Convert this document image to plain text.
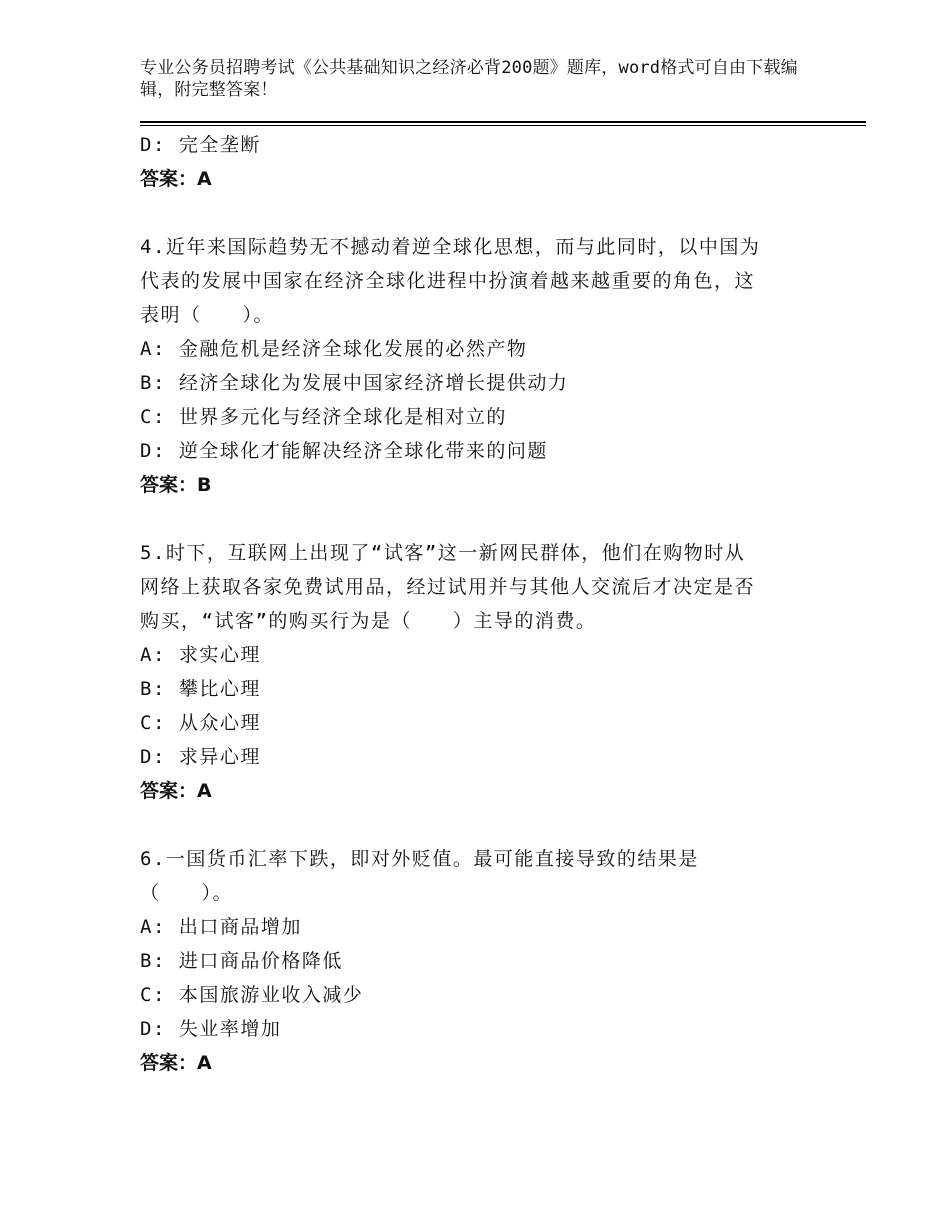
专业公务员招聘考试《公共基础知识之经济必背200题》题库，word格式可自由下载编辑，附完整答案！
D: 完全垄断
答案：A
4.近年来国际趋势无不撼动着逆全球化思想，而与此同时，以中国为
代表的发展中国家在经济全球化进程中扮演着越来越重要的角色，这
表明（　　）。
A: 金融危机是经济全球化发展的必然产物
B: 经济全球化为发展中国家经济增长提供动力
C: 世界多元化与经济全球化是相对立的
D: 逆全球化才能解决经济全球化带来的问题
答案：B
5.时下，互联网上出现了“试客”这一新网民群体，他们在购物时从
网络上获取各家免费试用品，经过试用并与其他人交流后才决定是否
购买，“试客”的购买行为是（　　）主导的消费。
A: 求实心理
B: 攀比心理
C: 从众心理
D: 求异心理
答案：A
6.一国货币汇率下跌，即对外贬值。最可能直接导致的结果是
（　　）。
A: 出口商品增加
B: 进口商品价格降低
C: 本国旅游业收入减少
D: 失业率增加
答案：A
